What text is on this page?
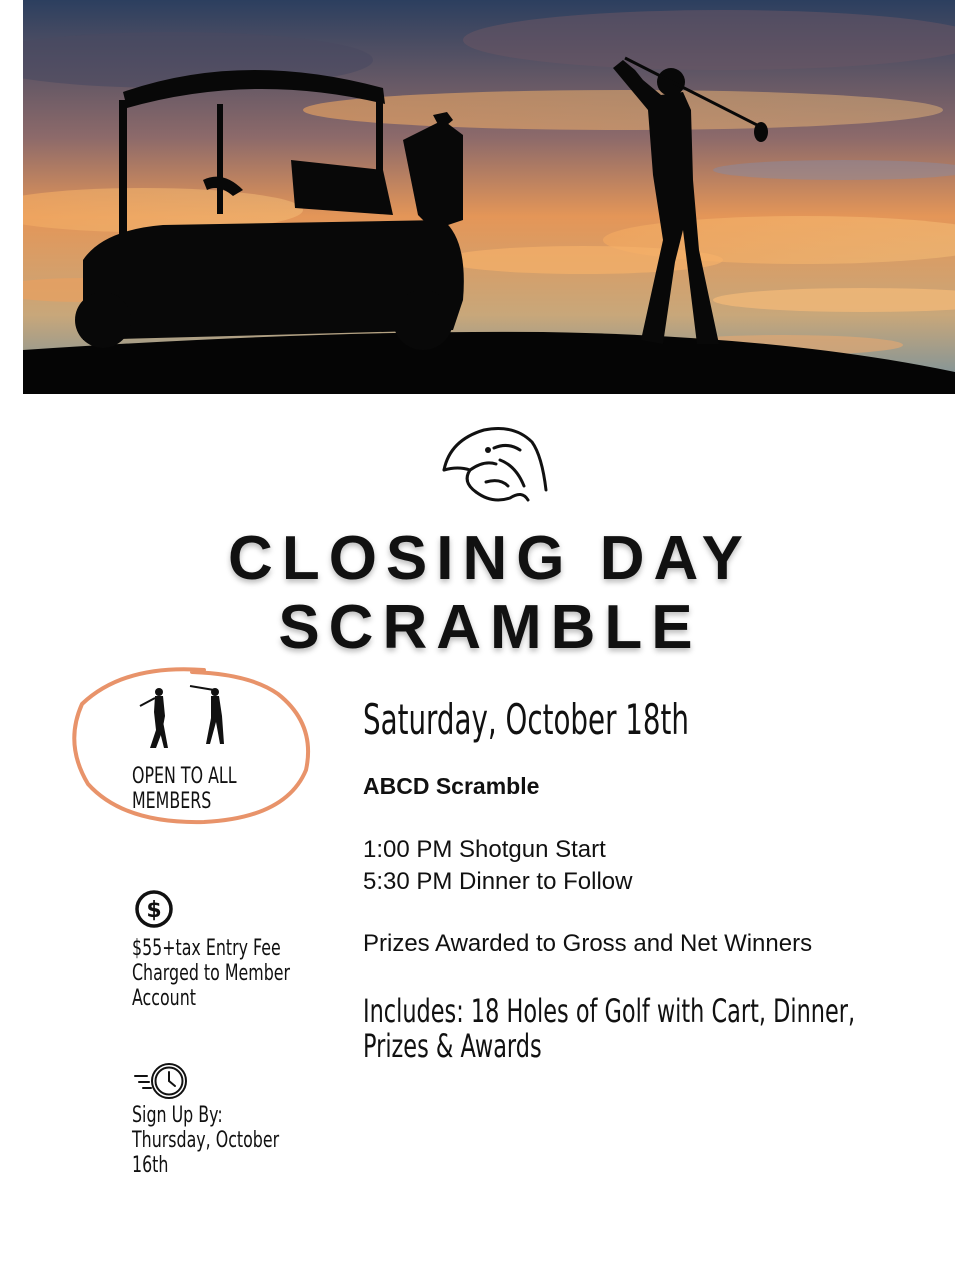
CLOSING DAY
SCRAMBLE
OPEN TO ALL
MEMBERS
$
$55+tax Entry Fee
Charged to Member
Account
Sign Up By:
Thursday, October
16th
Saturday, October 18th
ABCD Scramble
1:00 PM Shotgun Start
5:30 PM Dinner to Follow
Prizes Awarded to Gross and Net Winners
Includes: 18 Holes of Golf with Cart, Dinner,
Prizes & Awards
